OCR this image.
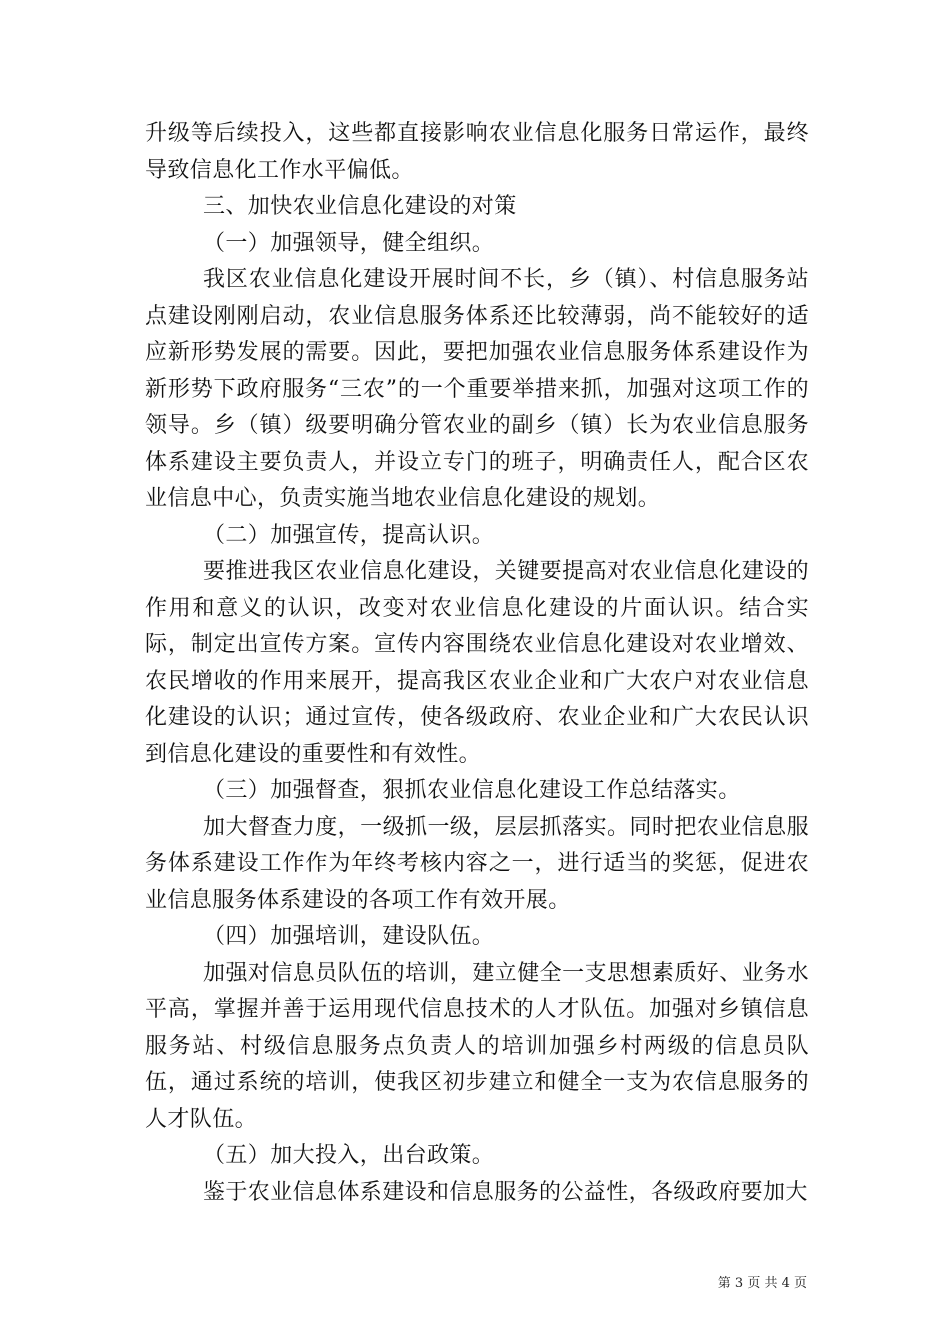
升级等后续投入，这些都直接影响农业信息化服务日常运作，最终导致信息化工作水平偏低。

三、加快农业信息化建设的对策

（一）加强领导，健全组织。

我区农业信息化建设开展时间不长，乡（镇）、村信息服务站点建设刚刚启动，农业信息服务体系还比较薄弱，尚不能较好的适应新形势发展的需要。因此，要把加强农业信息服务体系建设作为新形势下政府服务“三农”的一个重要举措来抓，加强对这项工作的领导。乡（镇）级要明确分管农业的副乡（镇）长为农业信息服务体系建设主要负责人，并设立专门的班子，明确责任人，配合区农业信息中心，负责实施当地农业信息化建设的规划。

（二）加强宣传，提高认识。

要推进我区农业信息化建设，关键要提高对农业信息化建设的作用和意义的认识，改变对农业信息化建设的片面认识。结合实际，制定出宣传方案。宣传内容围绕农业信息化建设对农业增效、农民增收的作用来展开，提高我区农业企业和广大农户对农业信息化建设的认识；通过宣传，使各级政府、农业企业和广大农民认识到信息化建设的重要性和有效性。

（三）加强督查，狠抓农业信息化建设工作总结落实。

加大督查力度，一级抓一级，层层抓落实。同时把农业信息服务体系建设工作作为年终考核内容之一，进行适当的奖惩，促进农业信息服务体系建设的各项工作有效开展。

（四）加强培训，建设队伍。

加强对信息员队伍的培训，建立健全一支思想素质好、业务水平高，掌握并善于运用现代信息技术的人才队伍。加强对乡镇信息服务站、村级信息服务点负责人的培训加强乡村两级的信息员队伍，通过系统的培训，使我区初步建立和健全一支为农信息服务的人才队伍。

（五）加大投入，出台政策。

鉴于农业信息体系建设和信息服务的公益性，各级政府要加大

第 3 页 共 4 页
